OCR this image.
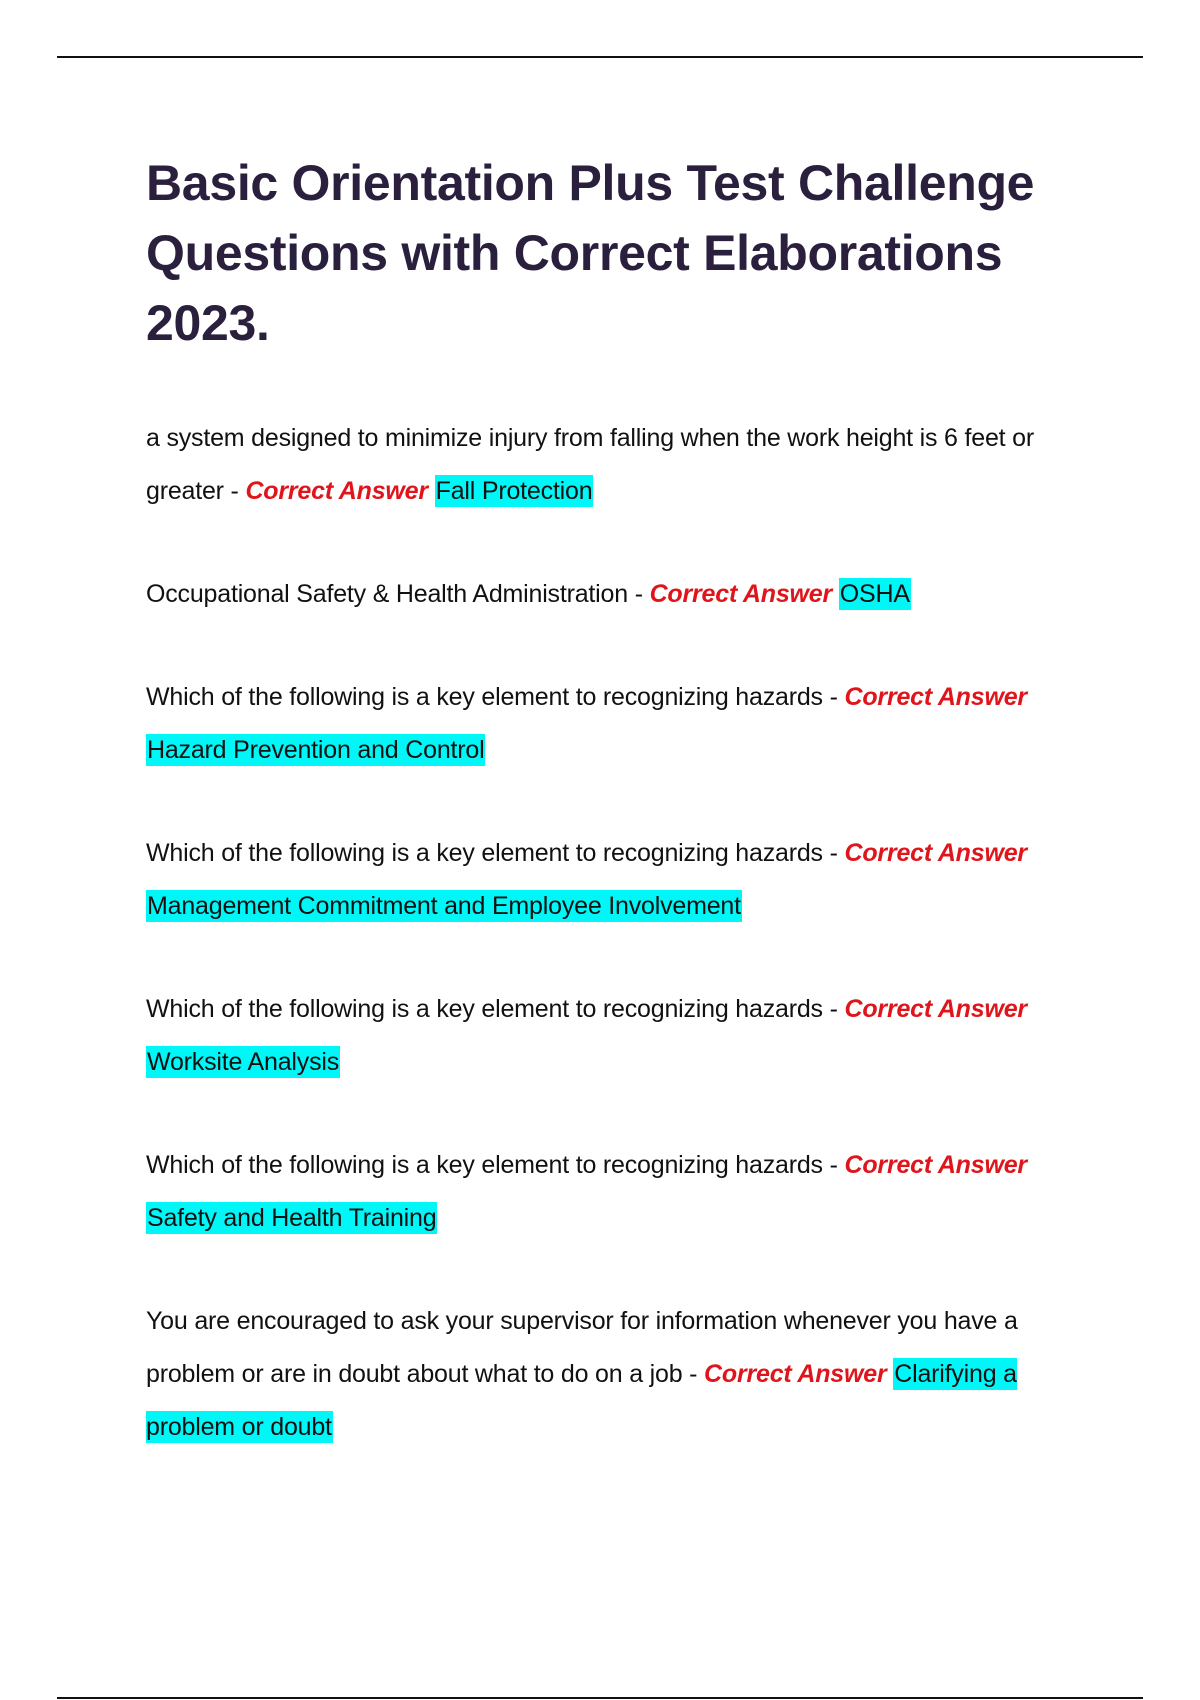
Basic Orientation Plus Test Challenge Questions with Correct Elaborations 2023.

a system designed to minimize injury from falling when the work height is 6 feet or greater - Correct Answer Fall Protection

Occupational Safety & Health Administration - Correct Answer OSHA

Which of the following is a key element to recognizing hazards - Correct Answer Hazard Prevention and Control

Which of the following is a key element to recognizing hazards - Correct Answer Management Commitment and Employee Involvement

Which of the following is a key element to recognizing hazards - Correct Answer Worksite Analysis

Which of the following is a key element to recognizing hazards - Correct Answer Safety and Health Training

You are encouraged to ask your supervisor for information whenever you have a problem or are in doubt about what to do on a job - Correct Answer Clarifying a problem or doubt
